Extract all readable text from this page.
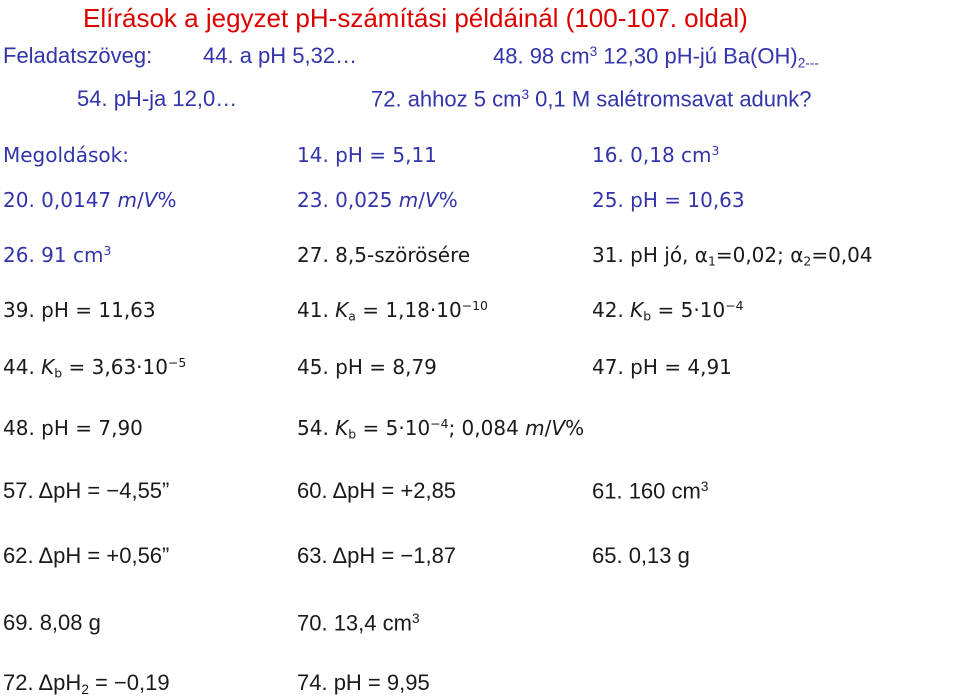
Elírások a jegyzet pH-számítási példáinál (100-107. oldal)
Feladatszöveg: 44. a pH 5,32…	48. 98 $cm^3$ 12,30 pH-jú $Ba(OH)_{2---}$
54. pH-ja 12,0…	72. ahhoz 5 $cm^3$ 0,1 M salétromsavat adunk?
Megoldások:	14. pH = 5,11	16. 0,18 $cm^3$
20. 0,0147 m/V%	23. 0,025 m/V%	25. pH = 10,63
26. 91 $cm^3$	27. 8,5-szörösére	31. pH jó, $\alpha_1=0,02$; $\alpha_2=0,04$
39. pH = 11,63	41. $K_a = 1,18\cdot 10^{-10}$	42. $K_b = 5\cdot 10^{-4}$
44. $K_b = 3,63\cdot 10^{-5}$	45. pH = 8,79	47. pH = 4,91
48. pH = 7,90	54. $K_b = 5\cdot 10^{-4}$; 0,084 m/V%
57. ΔpH = −4,55”	60. ΔpH = +2,85	61. 160 $cm^3$
62. ΔpH = +0,56”	63. ΔpH = −1,87	65. 0,13 g
69. 8,08 g	70. 13,4 $cm^3$
72. ΔpH$_2$ = −0,19	74. pH = 9,95
